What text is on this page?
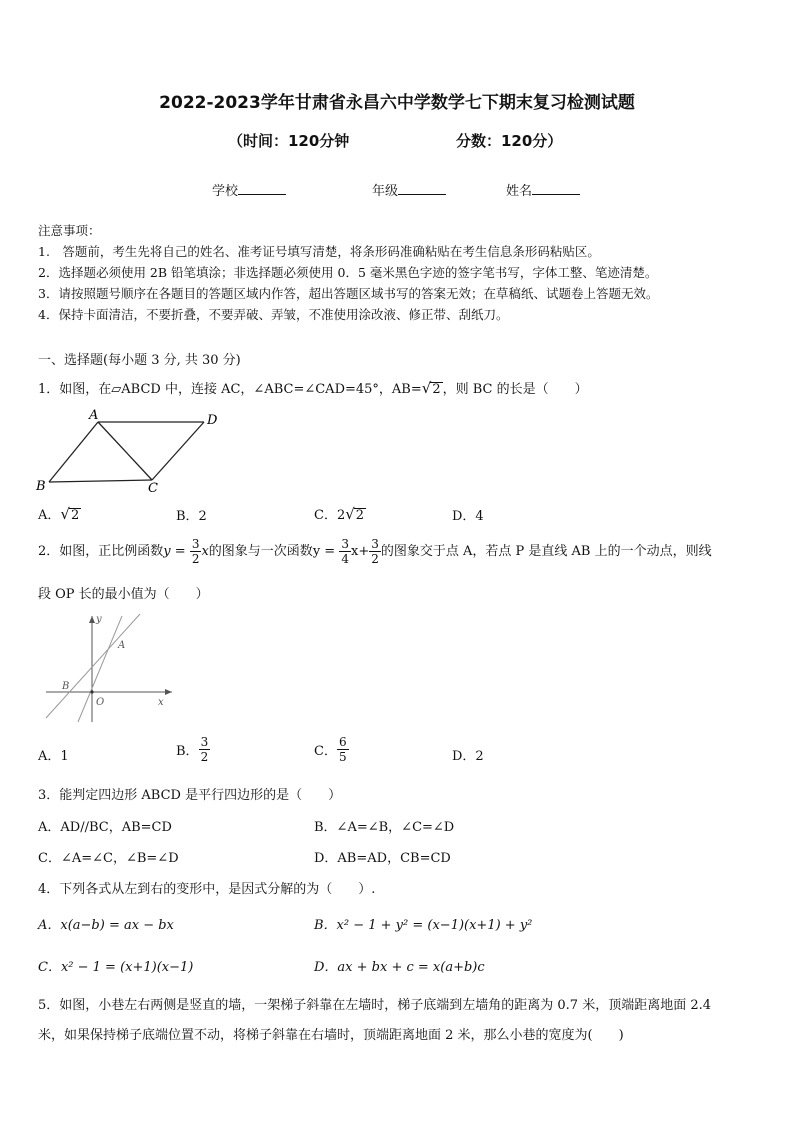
2022-2023学年甘肃省永昌六中学数学七下期末复习检测试题
（时间：120分钟	分数：120分）
学校	年级	姓名
注意事项：
1.　答题前，考生先将自己的姓名、准考证号填写清楚，将条形码准确粘贴在考生信息条形码粘贴区。
2．选择题必须使用 2B 铅笔填涂；非选择题必须使用 0．5 毫米黑色字迹的签字笔书写，字体工整、笔迹清楚。
3．请按照题号顺序在各题目的答题区域内作答，超出答题区域书写的答案无效；在草稿纸、试题卷上答题无效。
4．保持卡面清洁，不要折叠，不要弄破、弄皱，不准使用涂改液、修正带、刮纸刀。
一、选择题(每小题 3 分, 共 30 分)
1．如图，在▱ABCD 中，连接 AC，∠ABC=∠CAD=45°，AB=√2 ，则 BC 的长是（　　）
A	D
B	C
A．√2	B．2	C．2√2	D．4
2．如图，正比例函数$y = \frac{3}{2}$ x的图象与一次函数$y = \frac{3}{4} x+ \frac{3}{2}$ 的图象交于点 A，若点 P 是直线 AB 上的一个动点，则线
段 OP 长的最小值为（　　）
y
A
B
O	x
A．1	B． $\frac{3}{2}$	C． $\frac{6}{5}$	D．2
3．能判定四边形 ABCD 是平行四边形的是（　　）
A．AD//BC，AB=CD	B．∠A=∠B，∠C=∠D
C．∠A=∠C，∠B=∠D	D．AB=AD，CB=CD
4．下列各式从左到右的变形中，是因式分解的为（　　）.
A．x(a−b) = ax − bx	B．x² − 1 + y² = (x−1)(x+1) + y²
C．x² − 1 = (x+1)(x−1)	D．ax + bx + c = x(a+b)c
5．如图，小巷左右两侧是竖直的墙，一架梯子斜靠在左墙时，梯子底端到左墙角的距离为 0.7 米，顶端距离地面 2.4
米，如果保持梯子底端位置不动，将梯子斜靠在右墙时，顶端距离地面 2 米，那么小巷的宽度为(　　)
